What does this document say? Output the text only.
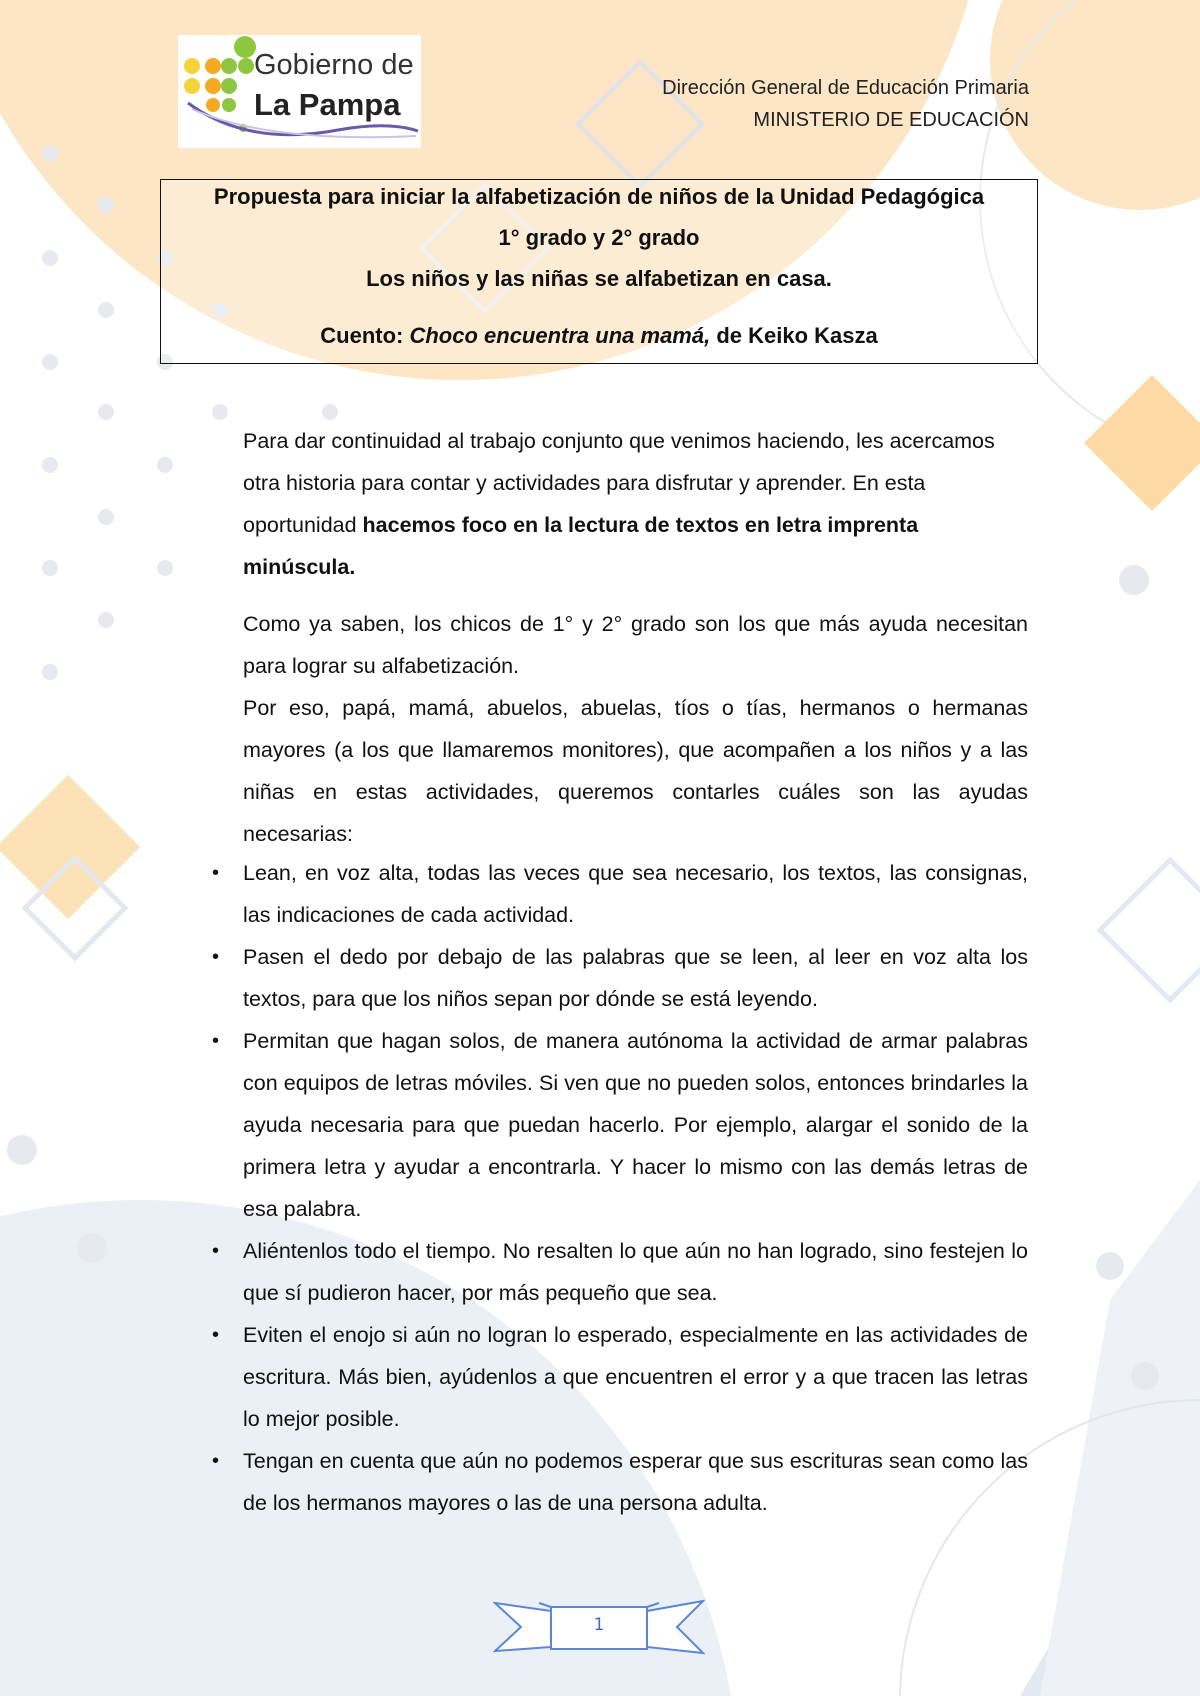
Gobierno de
La Pampa	Dirección General de Educación Primaria
MINISTERIO DE EDUCACIÓN
Propuesta para iniciar la alfabetización de niños de la Unidad Pedagógica
1° grado y 2° grado
Los niños y las niñas se alfabetizan en casa.
Cuento: Choco encuentra una mamá, de Keiko Kasza
Para dar continuidad al trabajo conjunto que venimos haciendo, les acercamos otra historia para contar y actividades para disfrutar y aprender. En esta oportunidad hacemos foco en la lectura de textos en letra imprenta minúscula.
Como ya saben, los chicos de 1° y 2° grado son los que más ayuda necesitan para lograr su alfabetización.
Por eso, papá, mamá, abuelos, abuelas, tíos o tías, hermanos o hermanas mayores (a los que llamaremos monitores), que acompañen a los niños y a las niñas en estas actividades, queremos contarles cuáles son las ayudas necesarias:
• Lean, en voz alta, todas las veces que sea necesario, los textos, las consignas, las indicaciones de cada actividad.
• Pasen el dedo por debajo de las palabras que se leen, al leer en voz alta los textos, para que los niños sepan por dónde se está leyendo.
• Permitan que hagan solos, de manera autónoma la actividad de armar palabras con equipos de letras móviles. Si ven que no pueden solos, entonces brindarles la ayuda necesaria para que puedan hacerlo. Por ejemplo, alargar el sonido de la primera letra y ayudar a encontrarla. Y hacer lo mismo con las demás letras de esa palabra.
• Aliéntenlos todo el tiempo. No resalten lo que aún no han logrado, sino festejen lo que sí pudieron hacer, por más pequeño que sea.
• Eviten el enojo si aún no logran lo esperado, especialmente en las actividades de escritura. Más bien, ayúdenlos a que encuentren el error y a que tracen las letras lo mejor posible.
• Tengan en cuenta que aún no podemos esperar que sus escrituras sean como las de los hermanos mayores o las de una persona adulta.
1
